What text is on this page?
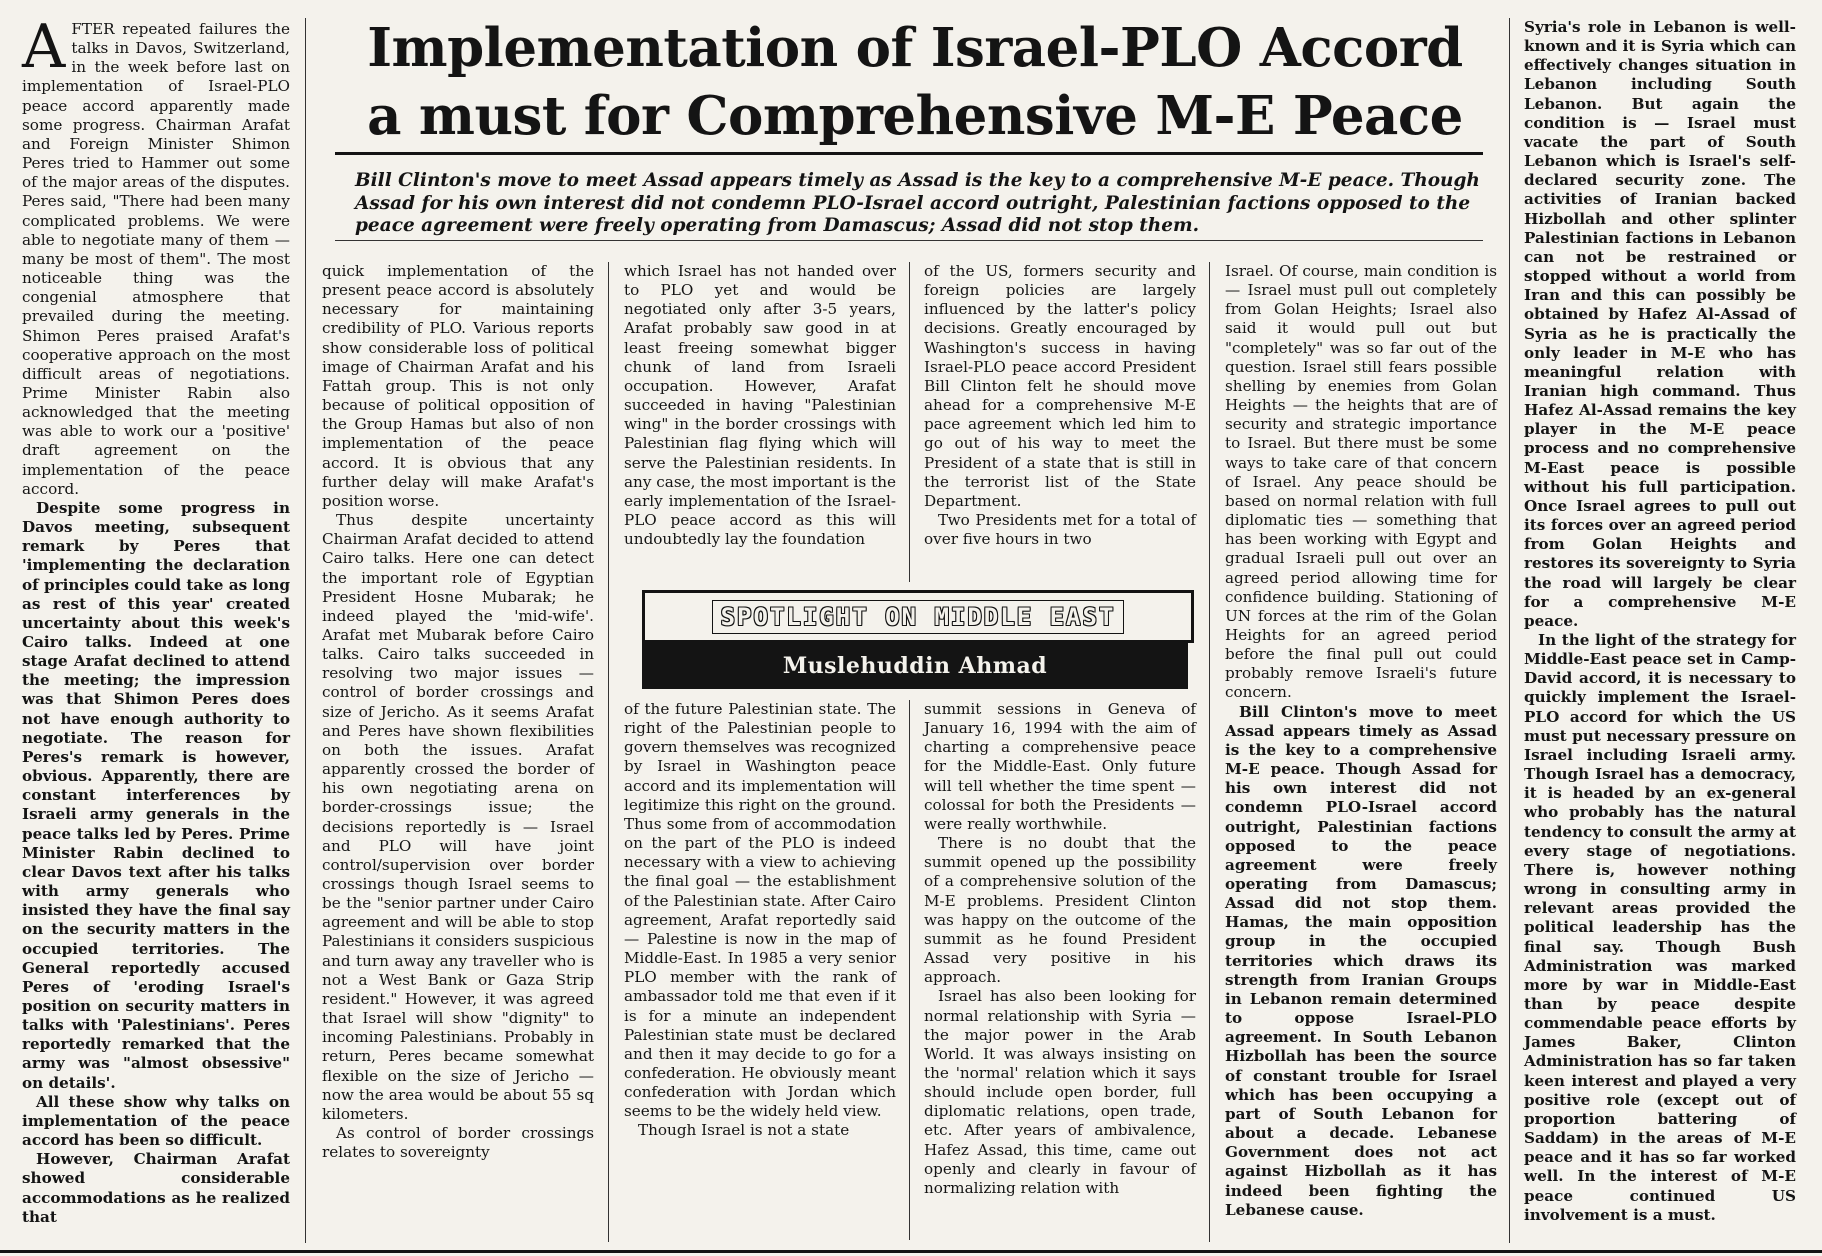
Implementation of Israel-PLO Accord
a must for Comprehensive M-E Peace
Bill Clinton's move to meet Assad appears timely as Assad is the key to a comprehensive M-E peace. Though Assad for his own interest did not condemn PLO-Israel accord outright, Palestinian factions opposed to the peace agreement were freely operating from Damascus; Assad did not stop them.

AFTER repeated failures the talks in Davos, Switzerland, in the week before last on implementation of Israel-PLO peace accord apparently made some progress. Chairman Arafat and Foreign Minister Shimon Peres tried to Hammer out some of the major areas of the disputes. Peres said, "There had been many complicated problems. We were able to negotiate many of them — many be most of them". The most noticeable thing was the congenial atmosphere that prevailed during the meeting. Shimon Peres praised Arafat's cooperative approach on the most difficult areas of negotiations. Prime Minister Rabin also acknowledged that the meeting was able to work our a 'positive' draft agreement on the implementation of the peace accord.

Despite some progress in Davos meeting, subsequent remark by Peres that 'implementing the declaration of principles could take as long as rest of this year' created uncertainty about this week's Cairo talks. Indeed at one stage Arafat declined to attend the meeting; the impression was that Shimon Peres does not have enough authority to negotiate. The reason for Peres's remark is however, obvious. Apparently, there are constant interferences by Israeli army generals in the peace talks led by Peres. Prime Minister Rabin declined to clear Davos text after his talks with army generals who insisted they have the final say on the security matters in the occupied territories. The General reportedly accused Peres of 'eroding Israel's position on security matters in talks with 'Palestinians'. Peres reportedly remarked that the army was "almost obsessive" on details'.

All these show why talks on implementation of the peace accord has been so difficult.

However, Chairman Arafat showed considerable accommodations as he realized that

quick implementation of the present peace accord is absolutely necessary for maintaining credibility of PLO. Various reports show considerable loss of political image of Chairman Arafat and his Fattah group. This is not only because of political opposition of the Group Hamas but also of non implementation of the peace accord. It is obvious that any further delay will make Arafat's position worse.

Thus despite uncertainty Chairman Arafat decided to attend Cairo talks. Here one can detect the important role of Egyptian President Hosne Mubarak; he indeed played the 'mid-wife'. Arafat met Mubarak before Cairo talks. Cairo talks succeeded in resolving two major issues — control of border crossings and size of Jericho. As it seems Arafat and Peres have shown flexibilities on both the issues. Arafat apparently crossed the border of his own negotiating arena on border-crossings issue; the decisions reportedly is — Israel and PLO will have joint control/supervision over border crossings though Israel seems to be the "senior partner under Cairo agreement and will be able to stop Palestinians it considers suspicious and turn away any traveller who is not a West Bank or Gaza Strip resident." However, it was agreed that Israel will show "dignity" to incoming Palestinians. Probably in return, Peres became somewhat flexible on the size of Jericho — now the area would be about 55 sq kilometers.

As control of border crossings relates to sovereignty

which Israel has not handed over to PLO yet and would be negotiated only after 3-5 years, Arafat probably saw good in at least freeing somewhat bigger chunk of land from Israeli occupation. However, Arafat succeeded in having "Palestinian wing" in the border crossings with Palestinian flag flying which will serve the Palestinian residents. In any case, the most important is the early implementation of the Israel-PLO peace accord as this will undoubtedly lay the foundation

of the US, formers security and foreign policies are largely influenced by the latter's policy decisions. Greatly encouraged by Washington's success in having Israel-PLO peace accord President Bill Clinton felt he should move ahead for a comprehensive M-E pace agreement which led him to go out of his way to meet the President of a state that is still in the terrorist list of the State Department.

Two Presidents met for a total of over five hours in two

SPOTLIGHT ON MIDDLE EAST
Muslehuddin Ahmad

of the future Palestinian state. The right of the Palestinian people to govern themselves was recognized by Israel in Washington peace accord and its implementation will legitimize this right on the ground. Thus some from of accommodation on the part of the PLO is indeed necessary with a view to achieving the final goal — the establishment of the Palestinian state. After Cairo agreement, Arafat reportedly said — Palestine is now in the map of Middle-East. In 1985 a very senior PLO member with the rank of ambassador told me that even if it is for a minute an independent Palestinian state must be declared and then it may decide to go for a confederation. He obviously meant confederation with Jordan which seems to be the widely held view.

Though Israel is not a state

summit sessions in Geneva of January 16, 1994 with the aim of charting a comprehensive peace for the Middle-East. Only future will tell whether the time spent — colossal for both the Presidents — were really worthwhile.

There is no doubt that the summit opened up the possibility of a comprehensive solution of the M-E problems. President Clinton was happy on the outcome of the summit as he found President Assad very positive in his approach.

Israel has also been looking for normal relationship with Syria — the major power in the Arab World. It was always insisting on the 'normal' relation which it says should include open border, full diplomatic relations, open trade, etc. After years of ambivalence, Hafez Assad, this time, came out openly and clearly in favour of normalizing relation with

Israel. Of course, main condition is — Israel must pull out completely from Golan Heights; Israel also said it would pull out but "completely" was so far out of the question. Israel still fears possible shelling by enemies from Golan Heights — the heights that are of security and strategic importance to Israel. But there must be some ways to take care of that concern of Israel. Any peace should be based on normal relation with full diplomatic ties — something that has been working with Egypt and gradual Israeli pull out over an agreed period allowing time for confidence building. Stationing of UN forces at the rim of the Golan Heights for an agreed period before the final pull out could probably remove Israeli's future concern.

Bill Clinton's move to meet Assad appears timely as Assad is the key to a comprehensive M-E peace. Though Assad for his own interest did not condemn PLO-Israel accord outright, Palestinian factions opposed to the peace agreement were freely operating from Damascus; Assad did not stop them. Hamas, the main opposition group in the occupied territories which draws its strength from Iranian Groups in Lebanon remain determined to oppose Israel-PLO agreement. In South Lebanon Hizbollah has been the source of constant trouble for Israel which has been occupying a part of South Lebanon for about a decade. Lebanese Government does not act against Hizbollah as it has indeed been fighting the Lebanese cause.

Syria's role in Lebanon is well-known and it is Syria which can effectively changes situation in Lebanon including South Lebanon. But again the condition is — Israel must vacate the part of South Lebanon which is Israel's self-declared security zone. The activities of Iranian backed Hizbollah and other splinter Palestinian factions in Lebanon can not be restrained or stopped without a world from Iran and this can possibly be obtained by Hafez Al-Assad of Syria as he is practically the only leader in M-E who has meaningful relation with Iranian high command. Thus Hafez Al-Assad remains the key player in the M-E peace process and no comprehensive M-East peace is possible without his full participation. Once Israel agrees to pull out its forces over an agreed period from Golan Heights and restores its sovereignty to Syria the road will largely be clear for a comprehensive M-E peace.

In the light of the strategy for Middle-East peace set in Camp-David accord, it is necessary to quickly implement the Israel-PLO accord for which the US must put necessary pressure on Israel including Israeli army. Though Israel has a democracy, it is headed by an ex-general who probably has the natural tendency to consult the army at every stage of negotiations. There is, however nothing wrong in consulting army in relevant areas provided the political leadership has the final say. Though Bush Administration was marked more by war in Middle-East than by peace despite commendable peace efforts by James Baker, Clinton Administration has so far taken keen interest and played a very positive role (except out of proportion battering of Saddam) in the areas of M-E peace and it has so far worked well. In the interest of M-E peace continued US involvement is a must.
